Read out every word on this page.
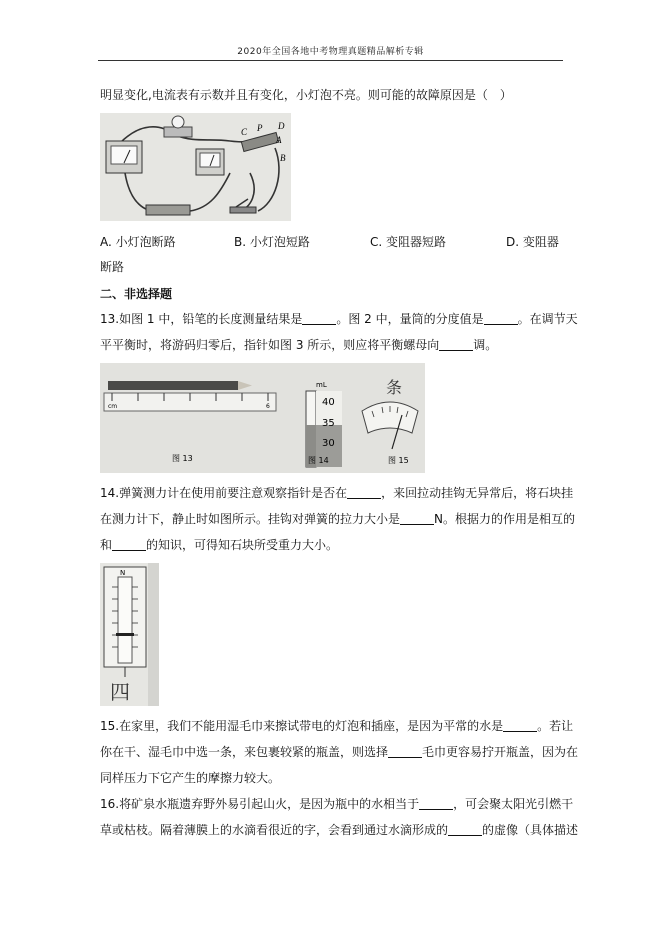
2020年全国各地中考物理真题精品解析专辑
明显变化,电流表有示数并且有变化，小灯泡不亮。则可能的故障原因是（　）
C P D
A
B
A. 小灯泡断路	B. 小灯泡短路	C. 变阻器短路	D. 变阻器
断路
二、非选择题
13.如图 1 中，铅笔的长度测量结果是	。图 2 中，量筒的分度值是	。在调节天
平平衡时，将游码归零后，指针如图 3 所示，则应将平衡螺母向	调。
cm	6
图 13
mL
40
35
30
图 14
条
图 15
14.弹簧测力计在使用前要注意观察指针是否在	，来回拉动挂钩无异常后，将石块挂
在测力计下，静止时如图所示。挂钩对弹簧的拉力大小是	N。根据力的作用是相互的
和	的知识，可得知石块所受重力大小。
N
四
15.在家里，我们不能用湿毛巾来擦试带电的灯泡和插座，是因为平常的水是	。若让
你在干、湿毛巾中选一条，来包裹较紧的瓶盖，则选择	毛巾更容易拧开瓶盖，因为在
同样压力下它产生的摩擦力较大。
16.将矿泉水瓶遗弃野外易引起山火，是因为瓶中的水相当于	，可会聚太阳光引燃干
草或枯枝。隔着薄膜上的水滴看很近的字，会看到通过水滴形成的	的虚像（具体描述
